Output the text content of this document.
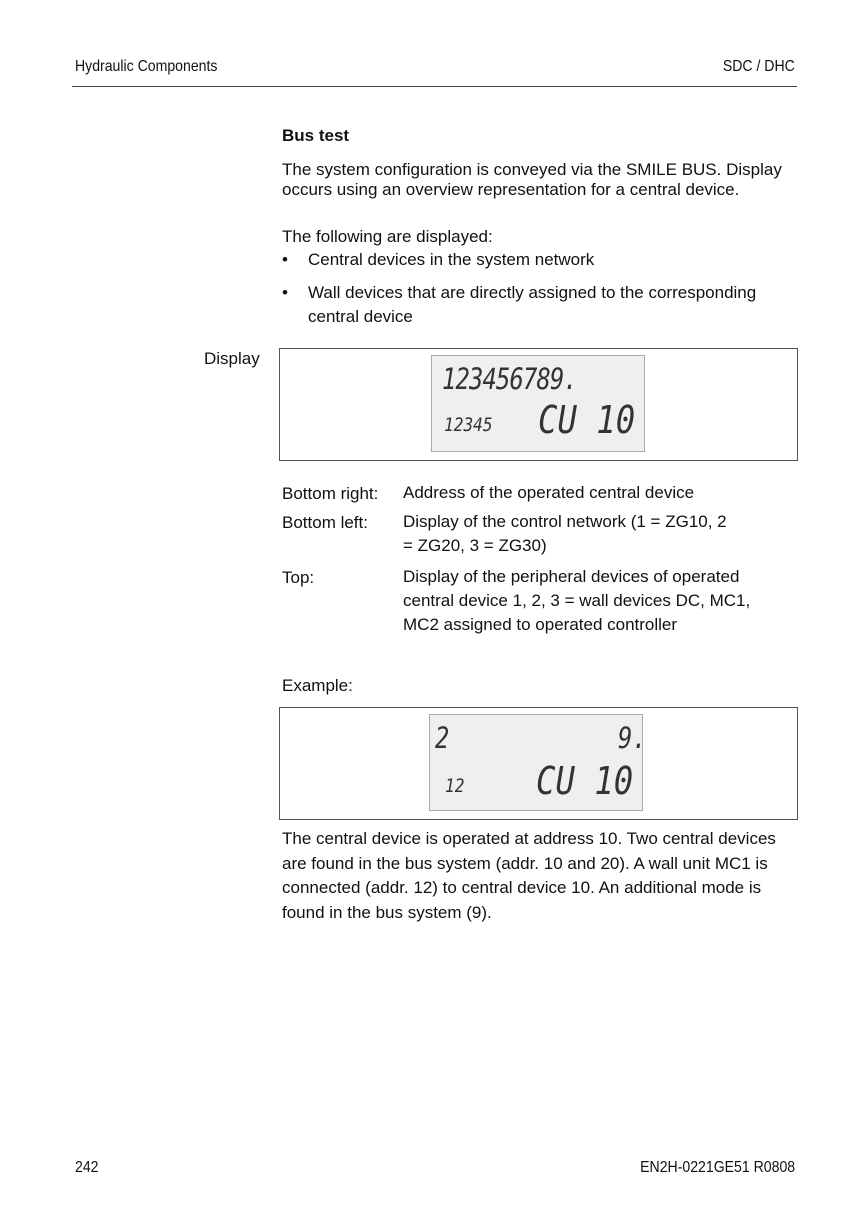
Hydraulic Components	SDC / DHC
Bus test
The system configuration is conveyed via the SMILE BUS. Display occurs using an overview representation for a central device.
The following are displayed:
• Central devices in the system network
• Wall devices that are directly assigned to the corresponding central device
Display
123456789.
12345 CU 10
Bottom right: Address of the operated central device
Bottom left: Display of the control network (1 = ZG10, 2 = ZG20, 3 = ZG30)
Top:	Display of the peripheral devices of operated central device 1, 2, 3 = wall devices DC, MC1, MC2 assigned to operated controller
Example:
2	9.
12 CU 10
The central device is operated at address 10. Two central devices are found in the bus system (addr. 10 and 20). A wall unit MC1 is connected (addr. 12) to central device 10. An additional mode is found in the bus system (9).
242	EN2H-0221GE51 R0808
